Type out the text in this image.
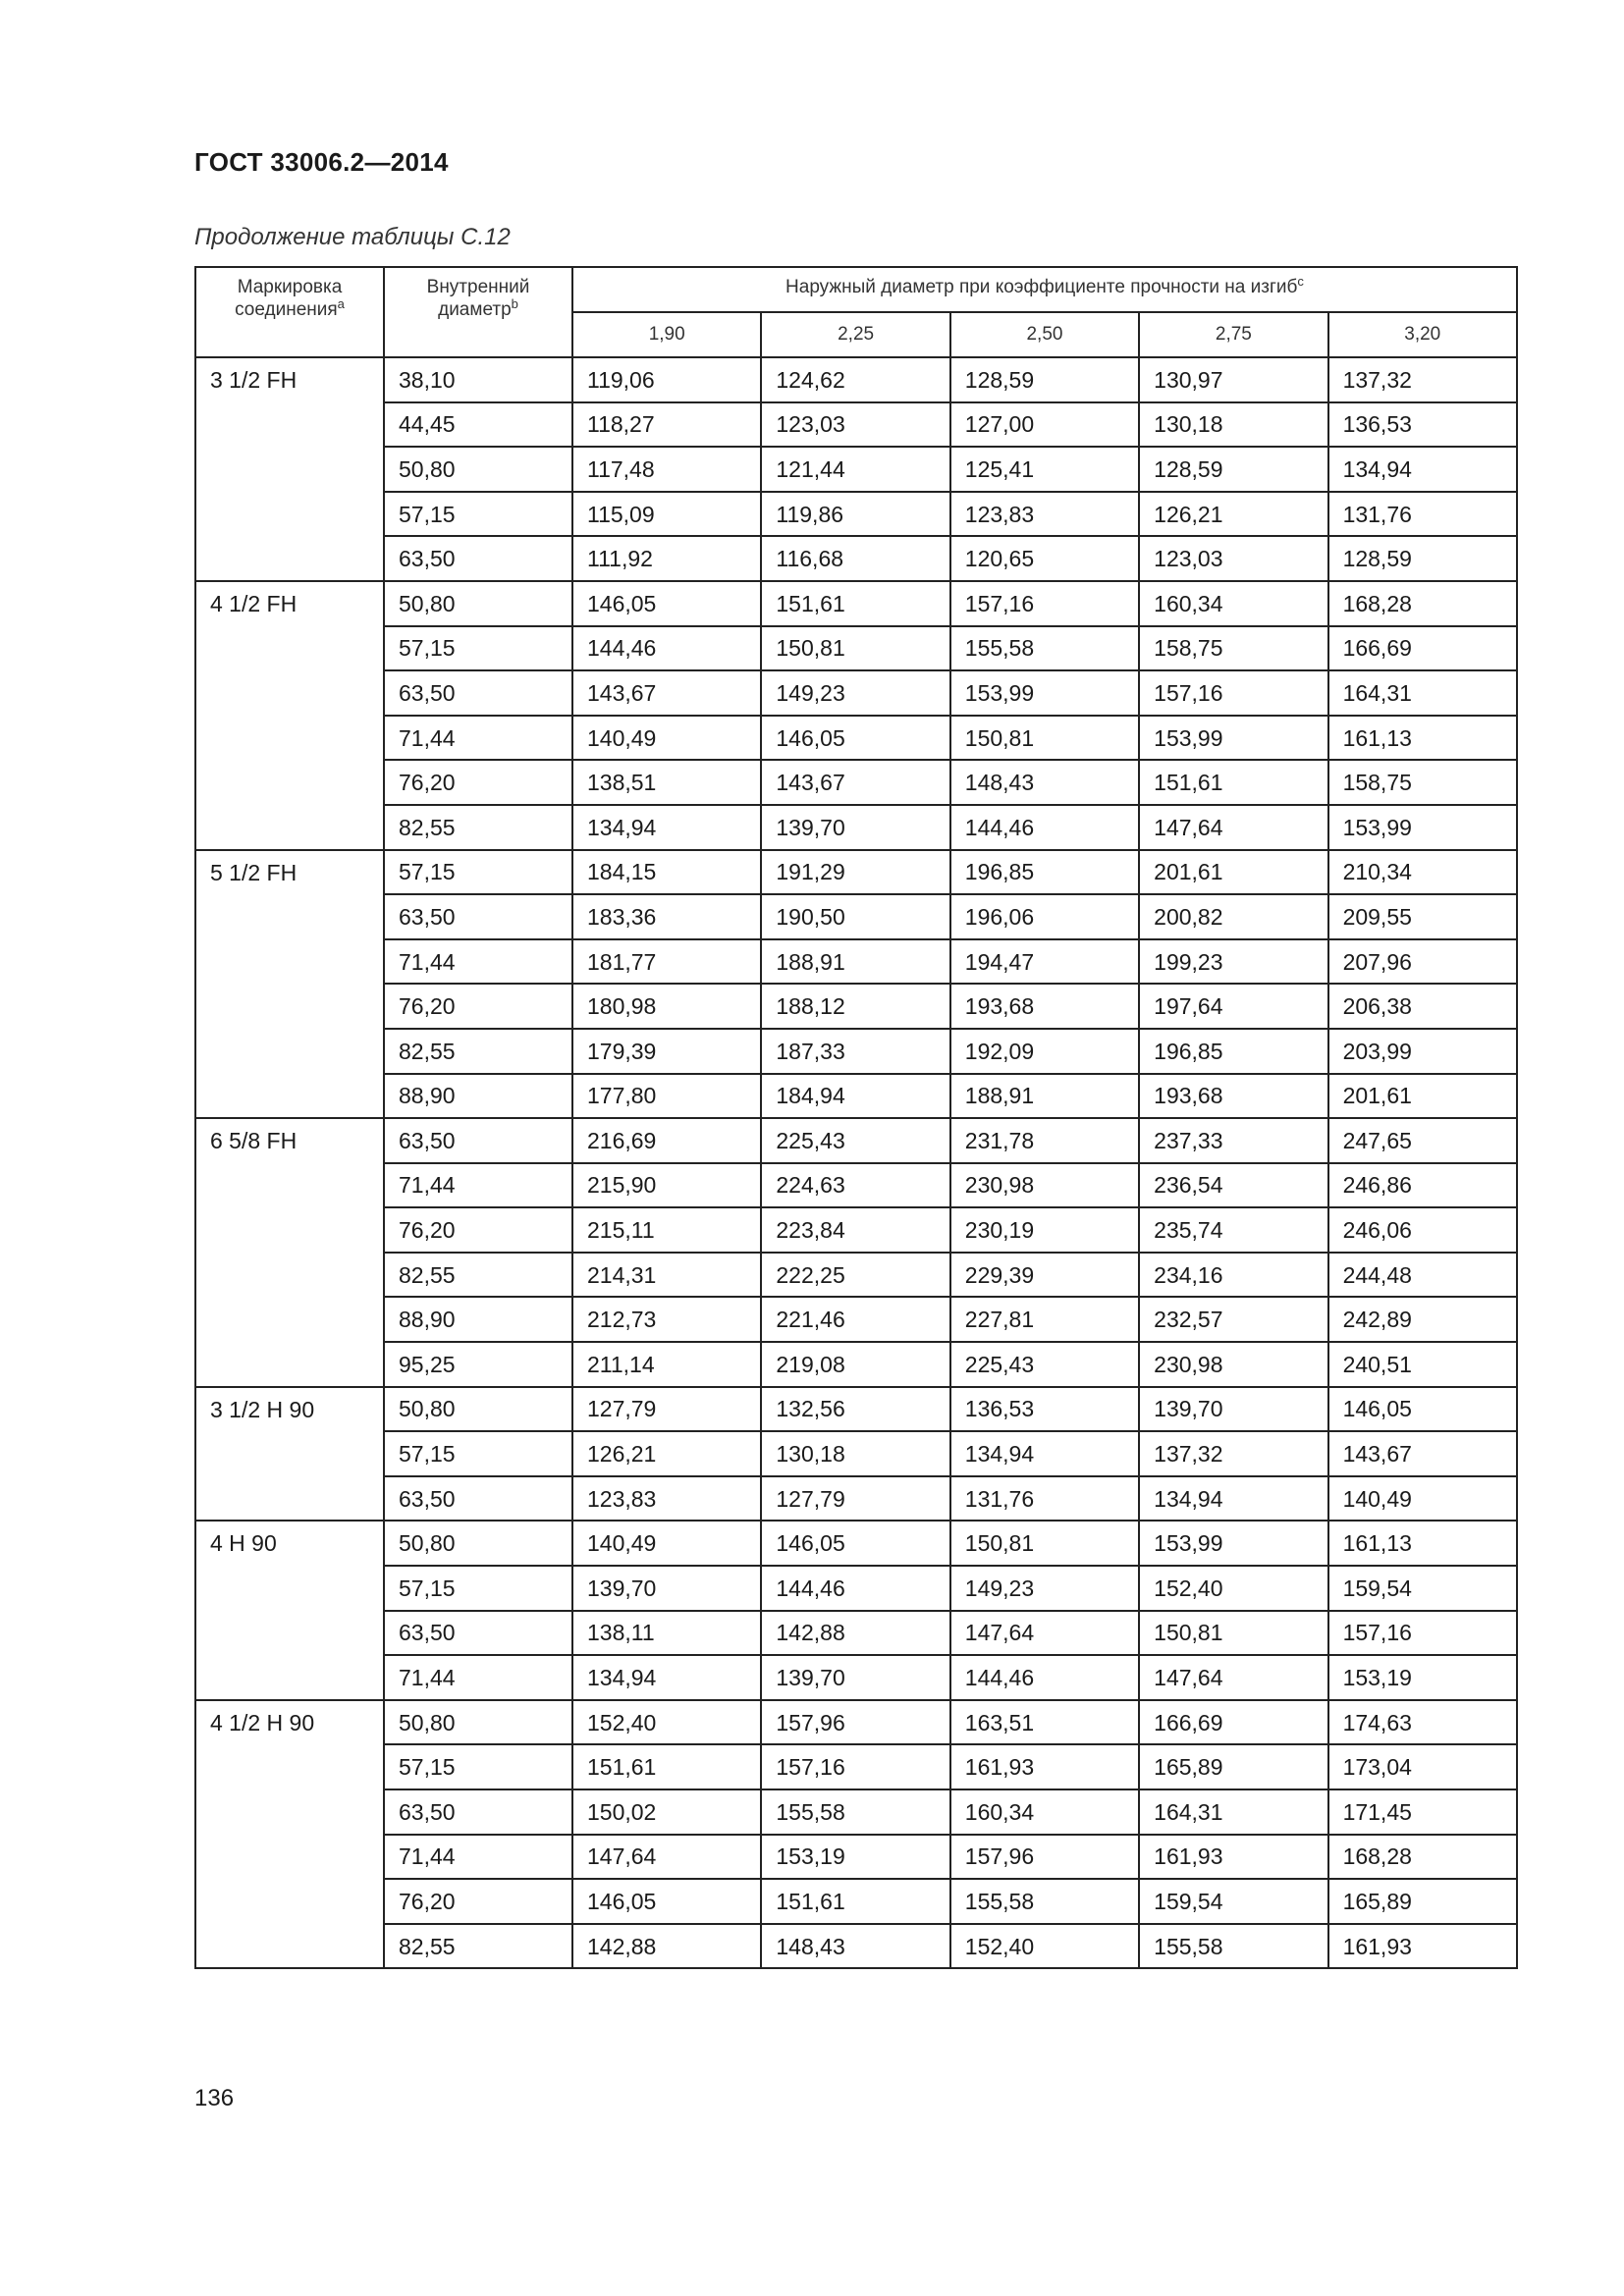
ГОСТ 33006.2—2014
Продолжение таблицы С.12
Маркировка соединения$^a$	Внутренний диаметр$^b$	Наружный диаметр при коэффициенте прочности на изгиб$^c$
		1,90	2,25	2,50	2,75	3,20
3 1/2 FH	38,10	119,06	124,62	128,59	130,97	137,32
	44,45	118,27	123,03	127,00	130,18	136,53
	50,80	117,48	121,44	125,41	128,59	134,94
	57,15	115,09	119,86	123,83	126,21	131,76
	63,50	111,92	116,68	120,65	123,03	128,59
4 1/2 FH	50,80	146,05	151,61	157,16	160,34	168,28
	57,15	144,46	150,81	155,58	158,75	166,69
	63,50	143,67	149,23	153,99	157,16	164,31
	71,44	140,49	146,05	150,81	153,99	161,13
	76,20	138,51	143,67	148,43	151,61	158,75
	82,55	134,94	139,70	144,46	147,64	153,99
5 1/2 FH	57,15	184,15	191,29	196,85	201,61	210,34
	63,50	183,36	190,50	196,06	200,82	209,55
	71,44	181,77	188,91	194,47	199,23	207,96
	76,20	180,98	188,12	193,68	197,64	206,38
	82,55	179,39	187,33	192,09	196,85	203,99
	88,90	177,80	184,94	188,91	193,68	201,61
6 5/8 FH	63,50	216,69	225,43	231,78	237,33	247,65
	71,44	215,90	224,63	230,98	236,54	246,86
	76,20	215,11	223,84	230,19	235,74	246,06
	82,55	214,31	222,25	229,39	234,16	244,48
	88,90	212,73	221,46	227,81	232,57	242,89
	95,25	211,14	219,08	225,43	230,98	240,51
3 1/2 H 90	50,80	127,79	132,56	136,53	139,70	146,05
	57,15	126,21	130,18	134,94	137,32	143,67
	63,50	123,83	127,79	131,76	134,94	140,49
4 H 90	50,80	140,49	146,05	150,81	153,99	161,13
	57,15	139,70	144,46	149,23	152,40	159,54
	63,50	138,11	142,88	147,64	150,81	157,16
	71,44	134,94	139,70	144,46	147,64	153,19
4 1/2 H 90	50,80	152,40	157,96	163,51	166,69	174,63
	57,15	151,61	157,16	161,93	165,89	173,04
	63,50	150,02	155,58	160,34	164,31	171,45
	71,44	147,64	153,19	157,96	161,93	168,28
	76,20	146,05	151,61	155,58	159,54	165,89
	82,55	142,88	148,43	152,40	155,58	161,93
136
